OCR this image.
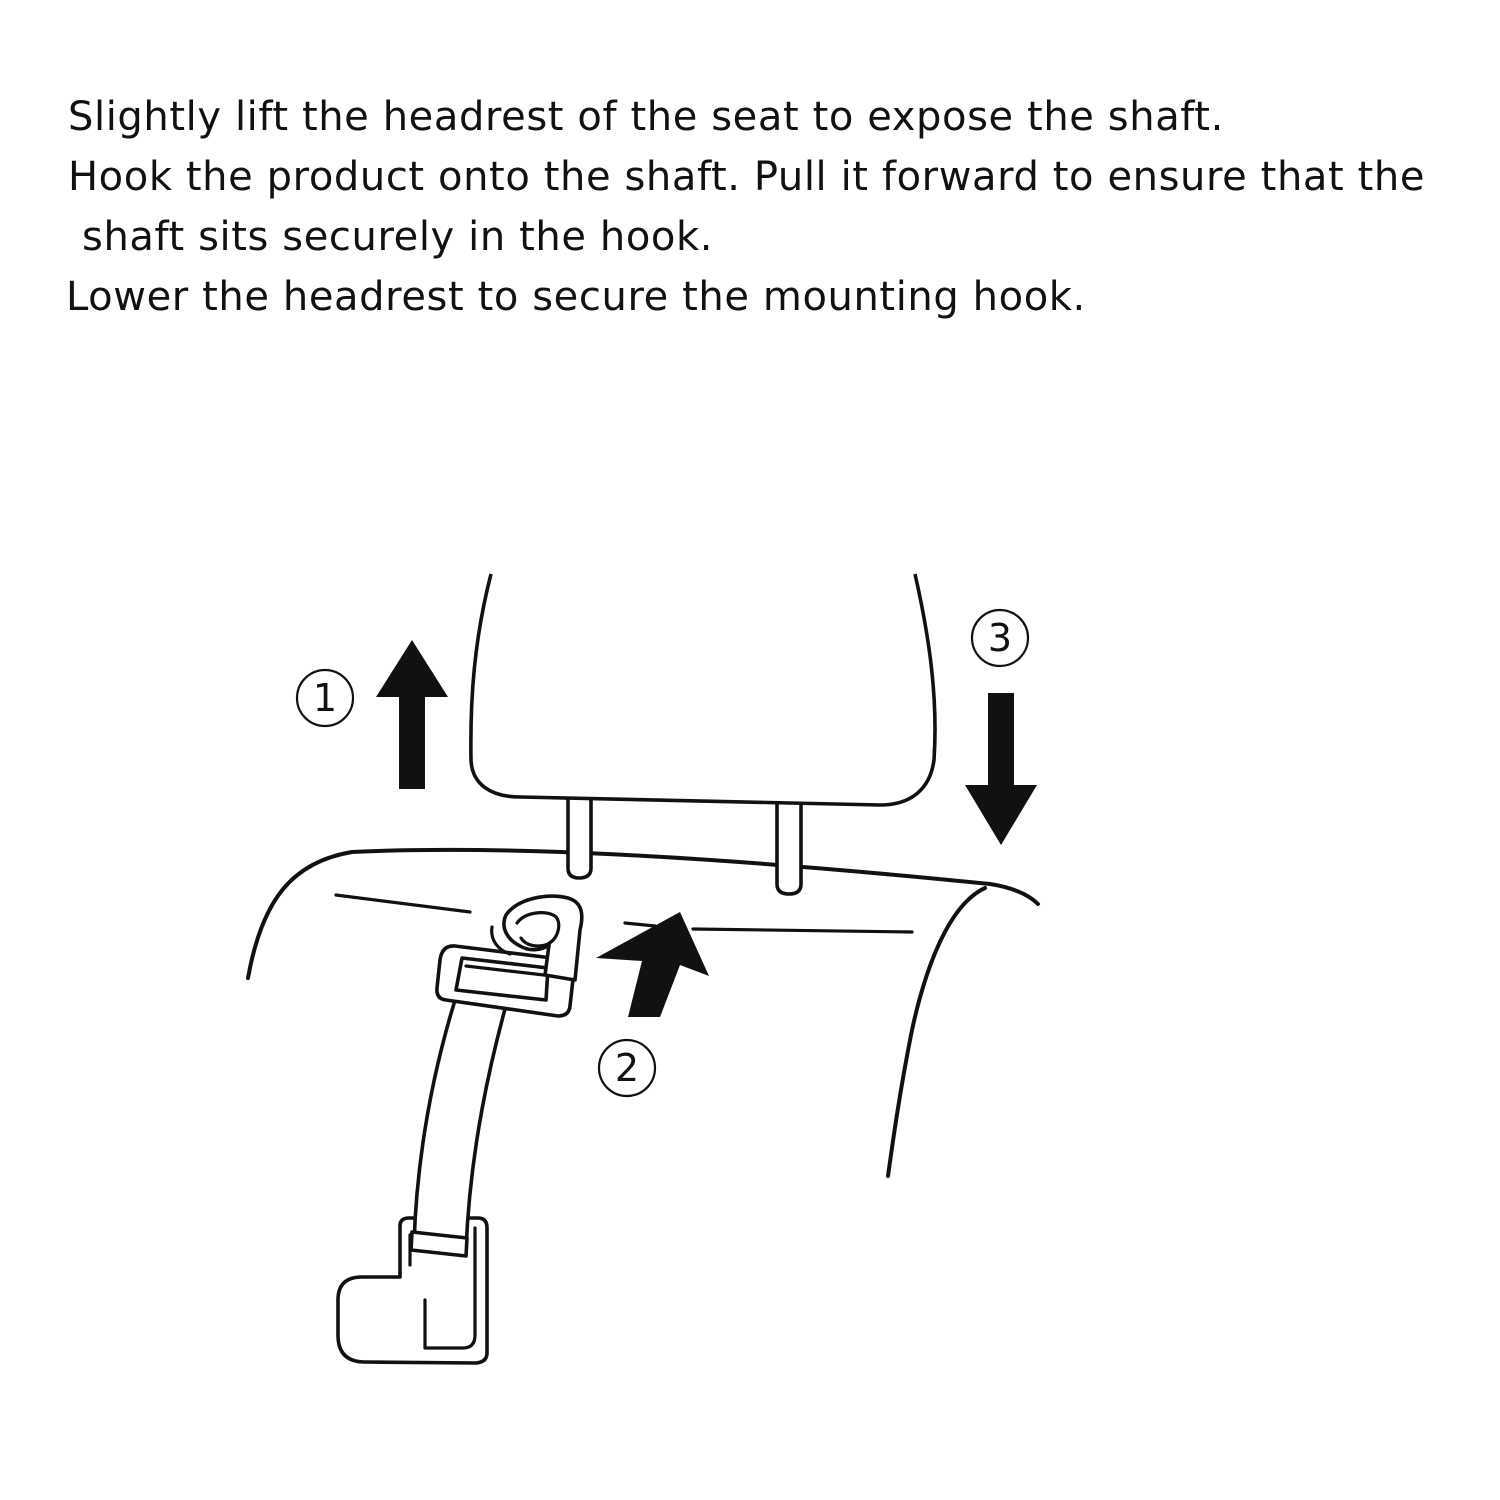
Slightly lift the headrest of the seat to expose the shaft.

Hook the product onto the shaft. Pull it forward to ensure that the

shaft sits securely in the hook.

Lower the headrest to secure the mounting hook.

1
2
3
